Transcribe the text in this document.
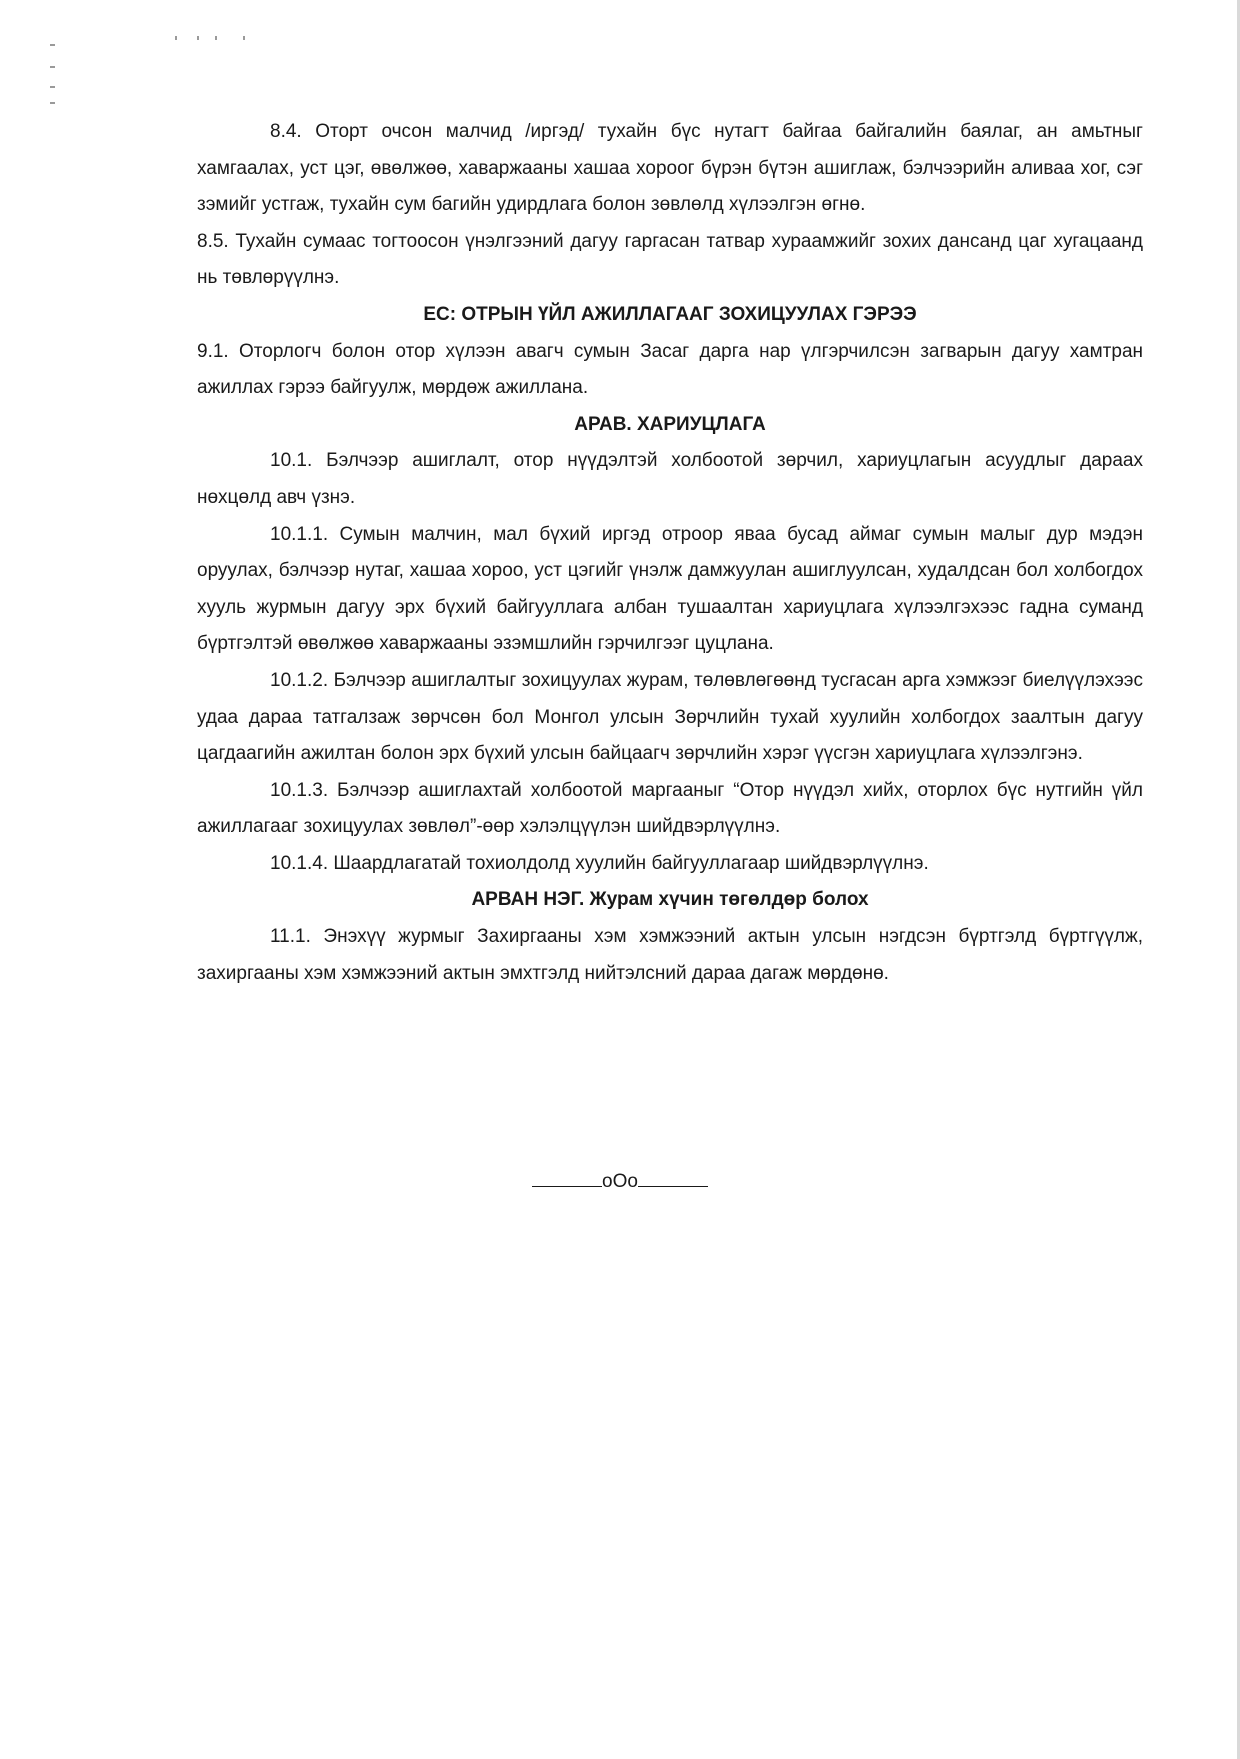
8.4. Оторт очсон малчид /иргэд/ тухайн бүс нутагт байгаа байгалийн баялаг, ан амьтныг хамгаалах, уст цэг, өвөлжөө, хаваржааны хашаа хороог бүрэн бүтэн ашиглаж, бэлчээрийн аливаа хог, сэг зэмийг устгаж, тухайн сум багийн удирдлага болон зөвлөлд хүлээлгэн өгнө.

8.5. Тухайн сумаас тогтоосон үнэлгээний дагуу гаргасан татвар хураамжийг зохих дансанд цаг хугацаанд нь төвлөрүүлнэ.

ЕС: ОТРЫН ҮЙЛ АЖИЛЛАГААГ ЗОХИЦУУЛАХ ГЭРЭЭ

9.1. Оторлогч болон отор хүлээн авагч сумын Засаг дарга нар үлгэрчилсэн загварын дагуу хамтран ажиллах гэрээ байгуулж, мөрдөж ажиллана.

АРАВ. ХАРИУЦЛАГА

10.1. Бэлчээр ашиглалт, отор нүүдэлтэй холбоотой зөрчил, хариуцлагын асуудлыг дараах нөхцөлд авч үзнэ.

10.1.1. Сумын малчин, мал бүхий иргэд отроор яваа бусад аймаг сумын малыг дур мэдэн оруулах, бэлчээр нутаг, хашаа хороо, уст цэгийг үнэлж дамжуулан ашиглуулсан, худалдсан бол холбогдох хууль журмын дагуу эрх бүхий байгууллага албан тушаалтан хариуцлага хүлээлгэхээс гадна суманд бүртгэлтэй өвөлжөө хаваржааны эзэмшлийн гэрчилгээг цуцлана.

10.1.2. Бэлчээр ашиглалтыг зохицуулах журам, төлөвлөгөөнд тусгасан арга хэмжээг биелүүлэхээс удаа дараа татгалзаж зөрчсөн бол Монгол улсын Зөрчлийн тухай хуулийн холбогдох заалтын дагуу цагдаагийн ажилтан болон эрх бүхий улсын байцаагч зөрчлийн хэрэг үүсгэн хариуцлага хүлээлгэнэ.

10.1.3. Бэлчээр ашиглахтай холбоотой маргааныг “Отор нүүдэл хийх, оторлох бүс нутгийн үйл ажиллагааг зохицуулах зөвлөл”-өөр хэлэлцүүлэн шийдвэрлүүлнэ.

10.1.4. Шаардлагатай тохиолдолд хуулийн байгууллагаар шийдвэрлүүлнэ.

АРВАН НЭГ. Журам хүчин төгөлдөр болох

11.1. Энэхүү журмыг Захиргааны хэм хэмжээний актын улсын нэгдсэн бүртгэлд бүртгүүлж, захиргааны хэм хэмжээний актын эмхтгэлд нийтэлсний дараа дагаж мөрдөнө.

oOo
